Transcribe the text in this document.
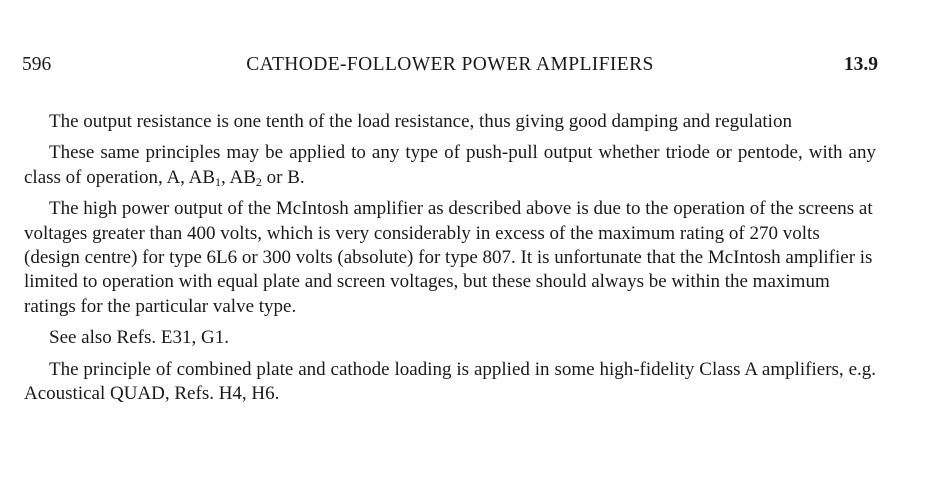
596	CATHODE-FOLLOWER POWER AMPLIFIERS	13.9

The output resistance is one tenth of the load resistance, thus giving good damping and regulation

These same principles may be applied to any type of push-pull output whether triode or pentode, with any class of operation, A, $AB_1$, $AB_2$ or B.

The high power output of the McIntosh amplifier as described above is due to the operation of the screens at voltages greater than 400 volts, which is very considerably in excess of the maximum rating of 270 volts (design centre) for type 6L6 or 300 volts (absolute) for type 807. It is unfortunate that the McIntosh amplifier is limited to operation with equal plate and screen voltages, but these should always be within the maximum ratings for the particular valve type.

See also Refs. E31, G1.

The principle of combined plate and cathode loading is applied in some high-fidelity Class A amplifiers, e.g. Acoustical QUAD, Refs. H4, H6.
